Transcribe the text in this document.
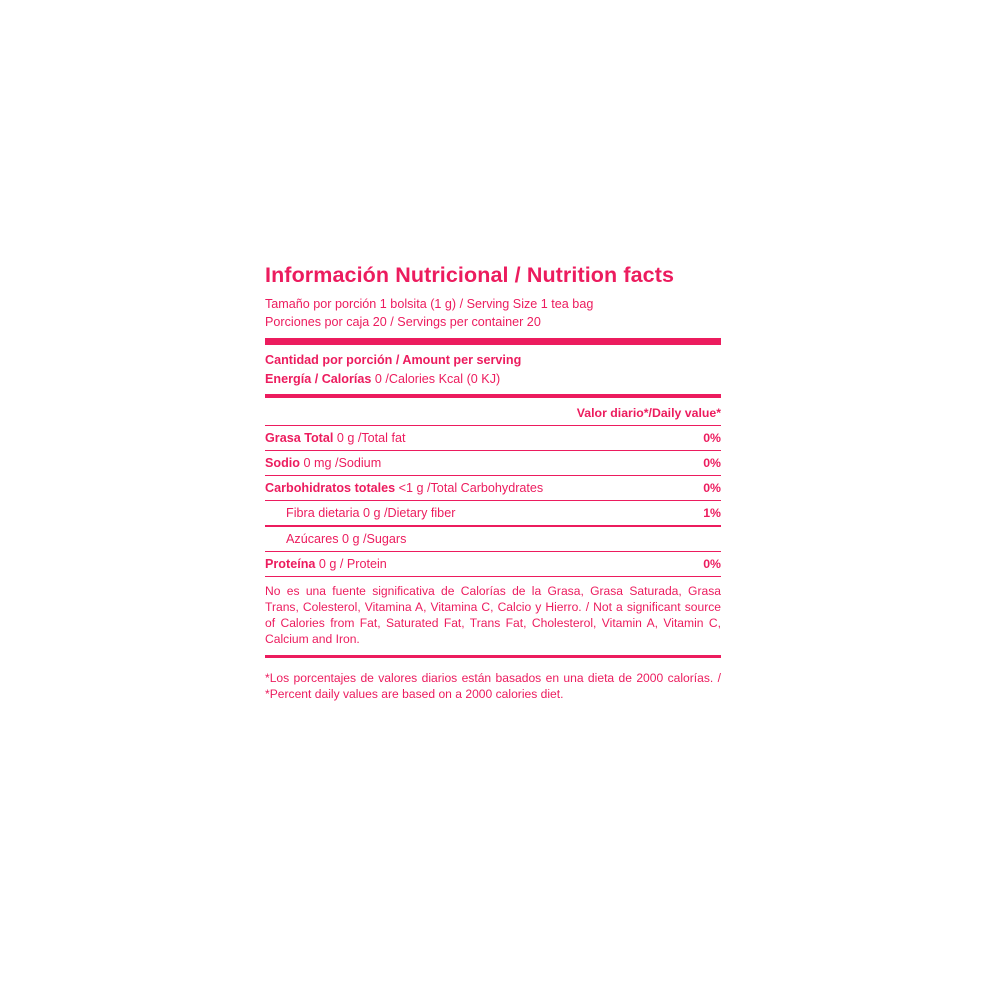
Información Nutricional / Nutrition facts
Tamaño por porción 1 bolsita (1 g) / Serving Size 1 tea bag
Porciones por caja 20 / Servings per container 20
Cantidad por porción / Amount per serving
Energía / Calorías 0 /Calories Kcal (0 KJ)
Valor diario*/Daily value*
Grasa Total 0 g /Total fat	0%
Sodio 0 mg /Sodium	0%
Carbohidratos totales <1 g /Total Carbohydrates	0%
Fibra dietaria 0 g /Dietary fiber	1%
Azúcares 0 g /Sugars
Proteína 0 g / Protein	0%
No es una fuente significativa de Calorías de la Grasa, Grasa Saturada, Grasa Trans, Colesterol, Vitamina A, Vitamina C, Calcio y Hierro. / Not a significant source of Calories from Fat, Saturated Fat, Trans Fat, Cholesterol, Vitamin A, Vitamin C, Calcium and Iron.
*Los porcentajes de valores diarios están basados en una dieta de 2000 calorías. / *Percent daily values are based on a 2000 calories diet.
